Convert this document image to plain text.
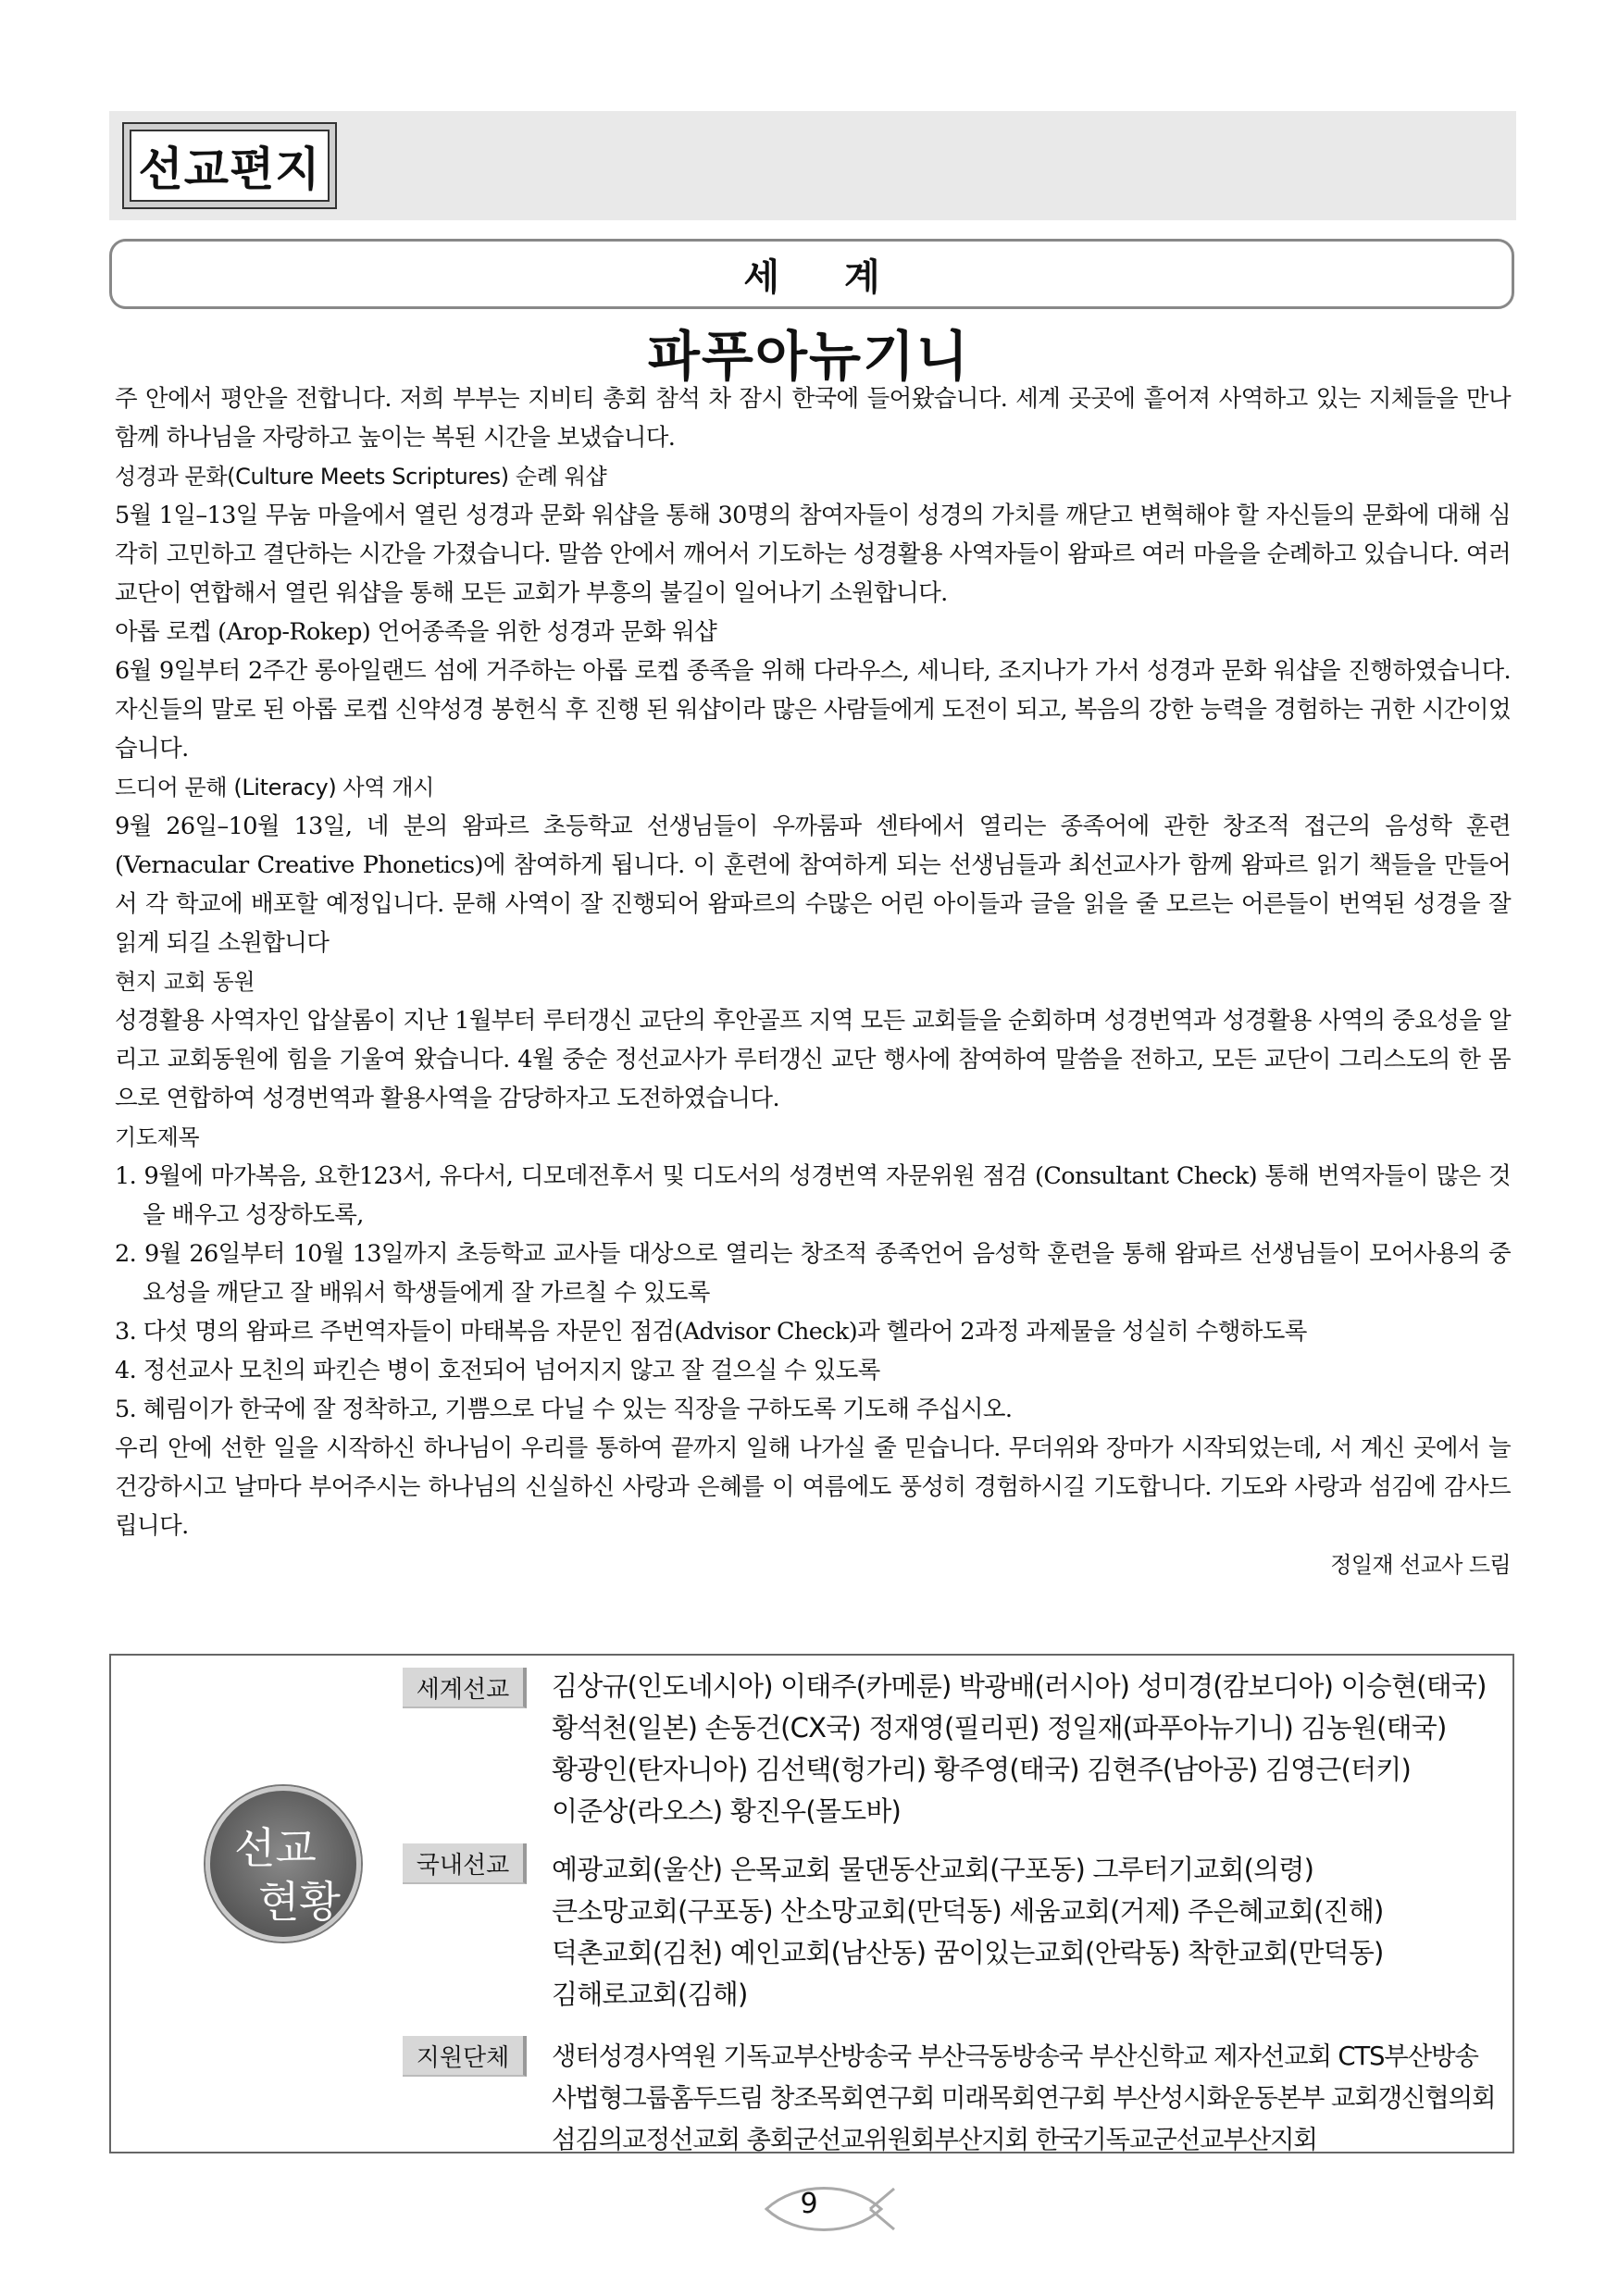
선교편지
세 계
파푸아뉴기니

주 안에서 평안을 전합니다. 저희 부부는 지비티 총회 참석 차 잠시 한국에 들어왔습니다. 세계 곳곳에 흩어져 사역하고 있는 지체들을 만나 함께 하나님을 자랑하고 높이는 복된 시간을 보냈습니다.

성경과 문화(Culture Meets Scriptures) 순례 워샵

5월 1일–13일 무눔 마을에서 열린 성경과 문화 워샵을 통해 30명의 참여자들이 성경의 가치를 깨닫고 변혁해야 할 자신들의 문화에 대해 심각히 고민하고 결단하는 시간을 가졌습니다. 말씀 안에서 깨어서 기도하는 성경활용 사역자들이 왐파르 여러 마을을 순례하고 있습니다. 여러 교단이 연합해서 열린 워샵을 통해 모든 교회가 부흥의 불길이 일어나기 소원합니다.

아롭 로켑 (Arop-Rokep) 언어종족을 위한 성경과 문화 워샵

6월 9일부터 2주간 롱아일랜드 섬에 거주하는 아롭 로켑 종족을 위해 다라우스, 세니타, 조지나가 가서 성경과 문화 워샵을 진행하였습니다. 자신들의 말로 된 아롭 로켑 신약성경 봉헌식 후 진행 된 워샵이라 많은 사람들에게 도전이 되고, 복음의 강한 능력을 경험하는 귀한 시간이었습니다.

드디어 문해 (Literacy) 사역 개시

9월 26일–10월 13일, 네 분의 왐파르 초등학교 선생님들이 우까룸파 센타에서 열리는 종족어에 관한 창조적 접근의 음성학 훈련 (Vernacular Creative Phonetics)에 참여하게 됩니다. 이 훈련에 참여하게 되는 선생님들과 최선교사가 함께 왐파르 읽기 책들을 만들어서 각 학교에 배포할 예정입니다. 문해 사역이 잘 진행되어 왐파르의 수많은 어린 아이들과 글을 읽을 줄 모르는 어른들이 번역된 성경을 잘 읽게 되길 소원합니다

현지 교회 동원

성경활용 사역자인 압살롬이 지난 1월부터 루터갱신 교단의 후안골프 지역 모든 교회들을 순회하며 성경번역과 성경활용 사역의 중요성을 알리고 교회동원에 힘을 기울여 왔습니다. 4월 중순 정선교사가 루터갱신 교단 행사에 참여하여 말씀을 전하고, 모든 교단이 그리스도의 한 몸으로 연합하여 성경번역과 활용사역을 감당하자고 도전하였습니다.

기도제목

1. 9월에 마가복음, 요한123서, 유다서, 디모데전후서 및 디도서의 성경번역 자문위원 점검 (Consultant Check) 통해 번역자들이 많은 것을 배우고 성장하도록,
2. 9월 26일부터 10월 13일까지 초등학교 교사들 대상으로 열리는 창조적 종족언어 음성학 훈련을 통해 왐파르 선생님들이 모어사용의 중요성을 깨닫고 잘 배워서 학생들에게 잘 가르칠 수 있도록
3. 다섯 명의 왐파르 주번역자들이 마태복음 자문인 점검(Advisor Check)과 헬라어 2과정 과제물을 성실히 수행하도록
4. 정선교사 모친의 파킨슨 병이 호전되어 넘어지지 않고 잘 걸으실 수 있도록
5. 혜림이가 한국에 잘 정착하고, 기쁨으로 다닐 수 있는 직장을 구하도록 기도해 주십시오.

우리 안에 선한 일을 시작하신 하나님이 우리를 통하여 끝까지 일해 나가실 줄 믿습니다. 무더위와 장마가 시작되었는데, 서 계신 곳에서 늘 건강하시고 날마다 부어주시는 하나님의 신실하신 사랑과 은혜를 이 여름에도 풍성히 경험하시길 기도합니다. 기도와 사랑과 섬김에 감사드립니다.

정일재 선교사 드림

선교
현황
세계선교	김상규(인도네시아) 이태주(카메룬) 박광배(러시아) 성미경(캄보디아) 이승현(태국)
황석천(일본) 손동건(CX국) 정재영(필리핀) 정일재(파푸아뉴기니) 김농원(태국)
황광인(탄자니아) 김선택(헝가리) 황주영(태국) 김현주(남아공) 김영근(터키)
이준상(라오스) 황진우(몰도바)
국내선교	예광교회(울산) 은목교회 물댄동산교회(구포동) 그루터기교회(의령)
큰소망교회(구포동) 산소망교회(만덕동) 세움교회(거제) 주은혜교회(진해)
덕촌교회(김천) 예인교회(남산동) 꿈이있는교회(안락동) 착한교회(만덕동)
김해로교회(김해)
지원단체	생터성경사역원 기독교부산방송국 부산극동방송국 부산신학교 제자선교회 CTS부산방송
사법형그룹홈두드림 창조목회연구회 미래목회연구회 부산성시화운동본부 교회갱신협의회
섬김의교정선교회 총회군선교위원회부산지회 한국기독교군선교부산지회
9
